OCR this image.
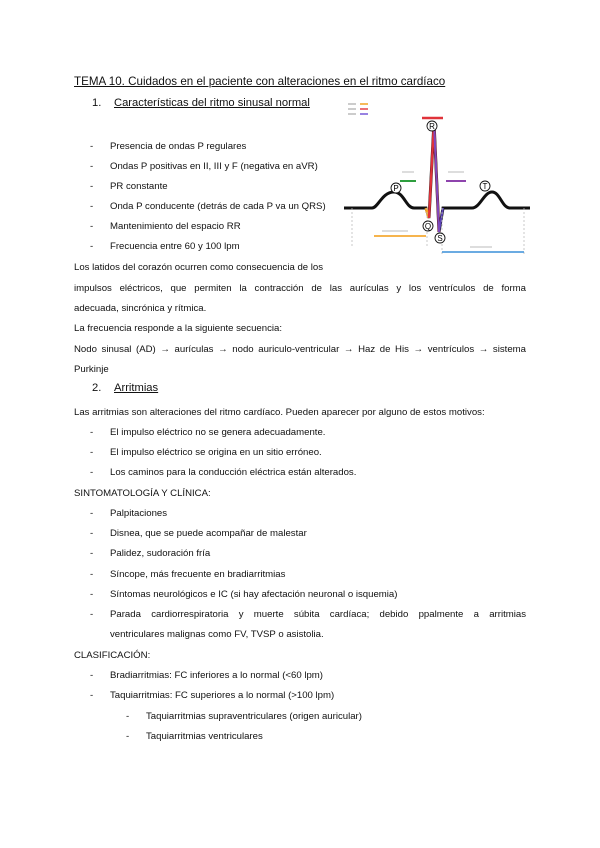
TEMA 10. Cuidados en el paciente con alteraciones en el ritmo cardíaco
1. Características del ritmo sinusal normal
- Presencia de ondas P regulares
- Ondas P positivas en II, III y F (negativa en aVR)
- PR constante
- Onda P conducente (detrás de cada P va un QRS)
- Mantenimiento del espacio RR
- Frecuencia entre 60 y 100 lpm
R
P	T
Q
S
Los latidos del corazón ocurren como consecuencia de los
impulsos eléctricos, que permiten la contracción de las aurículas y los ventrículos de forma
adecuada, sincrónica y rítmica.
La frecuencia responde a la siguiente secuencia:
Nodo sinusal (AD) → aurículas → nodo auriculo-ventricular → Haz de His → ventrículos → sistema
Purkinje
2. Arritmias
Las arritmias son alteraciones del ritmo cardíaco. Pueden aparecer por alguno de estos motivos:
- El impulso eléctrico no se genera adecuadamente.
- El impulso eléctrico se origina en un sitio erróneo.
- Los caminos para la conducción eléctrica están alterados.
SINTOMATOLOGÍA Y CLÍNICA:
- Palpitaciones
- Disnea, que se puede acompañar de malestar
- Palidez, sudoración fría
- Síncope, más frecuente en bradiarritmias
- Síntomas neurológicos e IC (si hay afectación neuronal o isquemia)
- Parada cardiorrespiratoria y muerte súbita cardíaca; debido ppalmente a arritmias
ventriculares malignas como FV, TVSP o asistolia.
CLASIFICACIÓN:
- Bradiarritmias: FC inferiores a lo normal (<60 lpm)
- Taquiarritmias: FC superiores a lo normal (>100 lpm)
- Taquiarritmias supraventriculares (origen auricular)
- Taquiarritmias ventriculares
